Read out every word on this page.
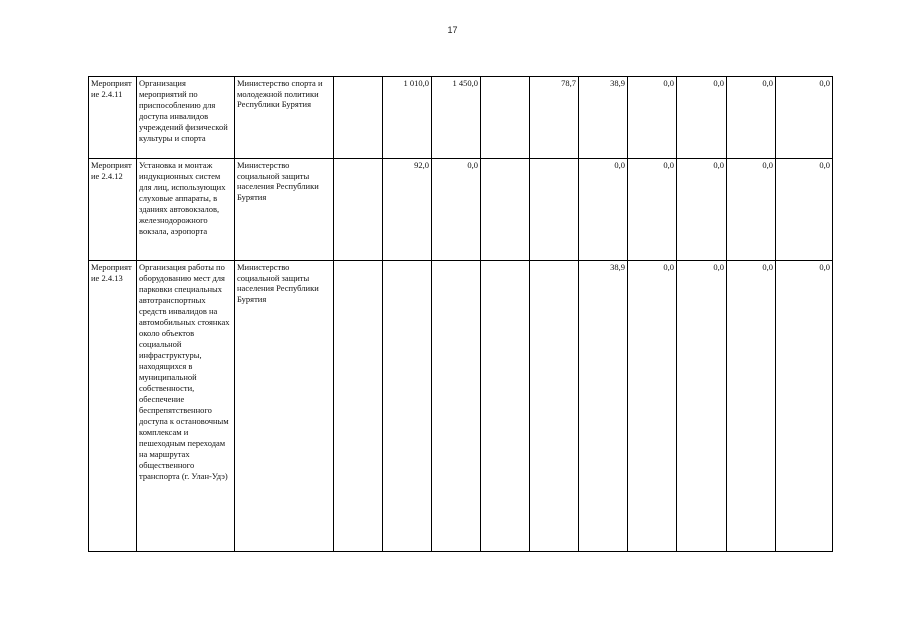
17
Мероприятие 2.4.11	Организация мероприятий по приспособлению для доступа инвалидов учреждений физической культуры и спорта	Министерство спорта и молодежной политики Республики Бурятия		1 010,0	1 450,0		78,7	38,9	0,0	0,0	0,0	0,0
Мероприятие 2.4.12	Установка и монтаж индукционных систем для лиц, использующих слуховые аппараты, в зданиях автовокзалов, железнодорожного вокзала, аэропорта	Министерство социальной защиты населения Республики Бурятия		92,0	0,0			0,0	0,0	0,0	0,0	0,0
Мероприятие 2.4.13	Организация работы по оборудованию мест для парковки специальных автотранспортных средств инвалидов на автомобильных стоянках около объектов социальной инфраструктуры, находящихся в муниципальной собственности, обеспечение беспрепятственного доступа к остановочным комплексам и пешеходным переходам на маршрутах общественного транспорта (г. Улан-Удэ)	Министерство социальной защиты населения Республики Бурятия						38,9	0,0	0,0	0,0	0,0
